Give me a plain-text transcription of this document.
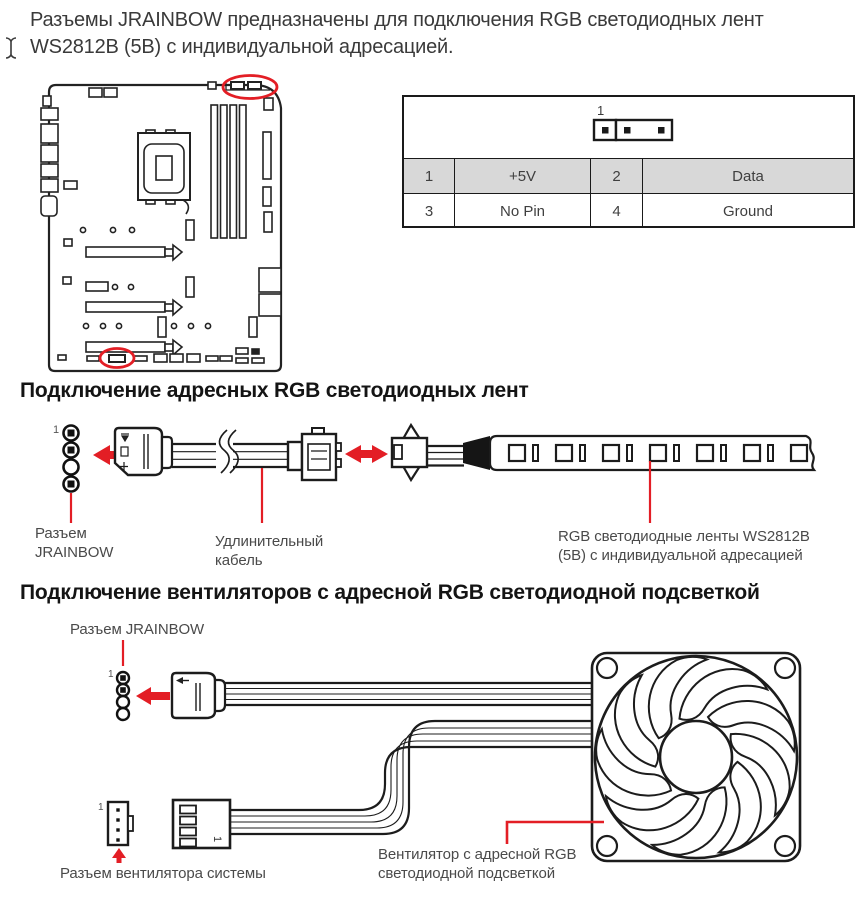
Разъемы JRAINBOW предназначены для подключения RGB светодиодных лент
WS2812B (5В) с индивидуальной адресацией.
1
1	+5V	2	Data
3	No Pin	4	Ground
Подключение адресных RGB светодиодных лент
1
Разъем
JRAINBOW
Удлинительный
кабель
RGB светодиодные ленты WS2812B
(5В) с индивидуальной адресацией
Подключение вентиляторов с адресной RGB светодиодной подсветкой
1
1
1
Разъем JRAINBOW
Разъем вентилятора системы
Вентилятор с адресной RGB
светодиодной подсветкой
